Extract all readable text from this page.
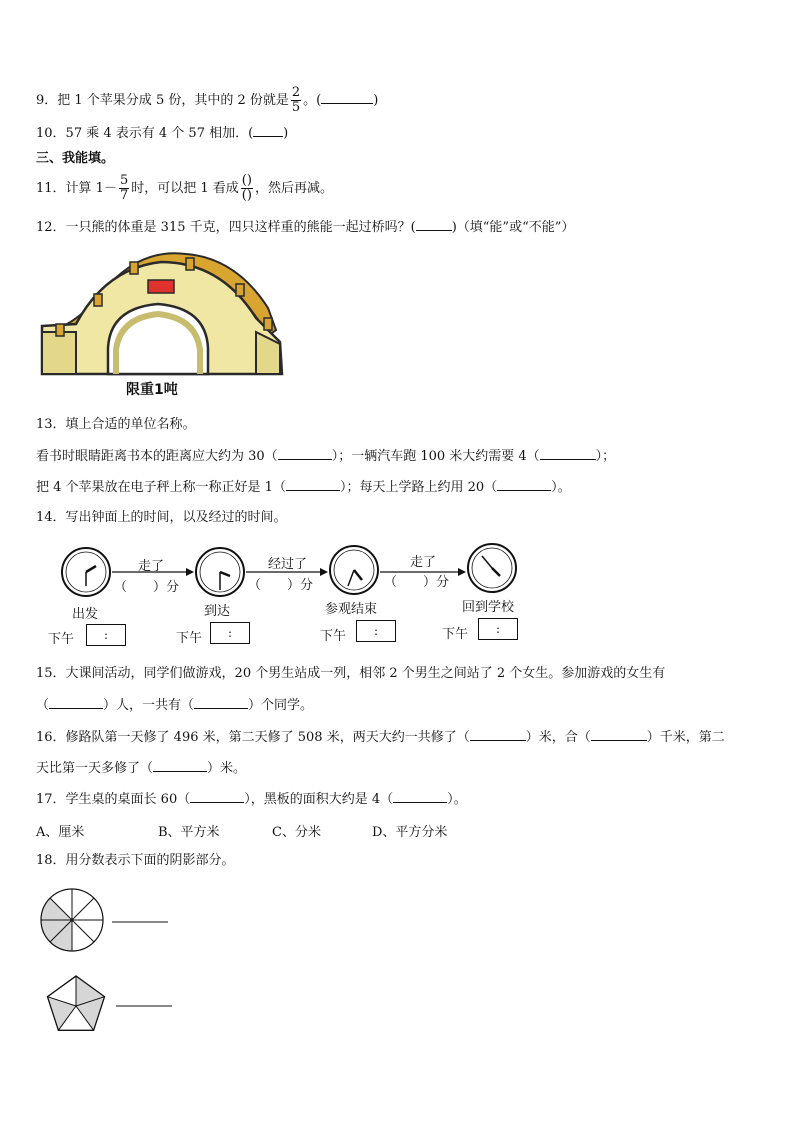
9．把 1 个苹果分成 5 份，其中的 2 份就是 $\frac{2}{5}$ 。(	)
10．57 乘 4 表示有 4 个 57 相加．( )
三、我能填。
11．计算 $1- \frac{5}{7}$ 时，可以把 1 看成 $\frac{()}{()}$ ，然后再减。
12．一只熊的体重是 315 千克，四只这样重的熊能一起过桥吗？(	)（填“能”或“不能”）
限重1吨
13．填上合适的单位名称。
看书时眼睛距离书本的距离应大约为 30（	）；一辆汽车跑 100 米大约需要 4（	）；
把 4 个苹果放在电子秤上称一称正好是 1（	）；每天上学路上约用 20（	）。
14．写出钟面上的时间，以及经过的时间。
走了
（　　）分
经过了
（　　）分
走了
（　　）分
出发	到达	参观结束	回到学校
下午	:	下午	:	下午	:	下午	:
15．大课间活动，同学们做游戏，20 个男生站成一列，相邻 2 个男生之间站了 2 个女生。参加游戏的女生有
（	）人，一共有（	）个同学。
16．修路队第一天修了 496 米，第二天修了 508 米，两天大约一共修了（	）米，合（	）千米，第二
天比第一天多修了（	）米。
17．学生桌的桌面长 60（	），黑板的面积大约是 4（	）。
A、厘米	B、平方米	C、分米	D、平方分米
18．用分数表示下面的阴影部分。
